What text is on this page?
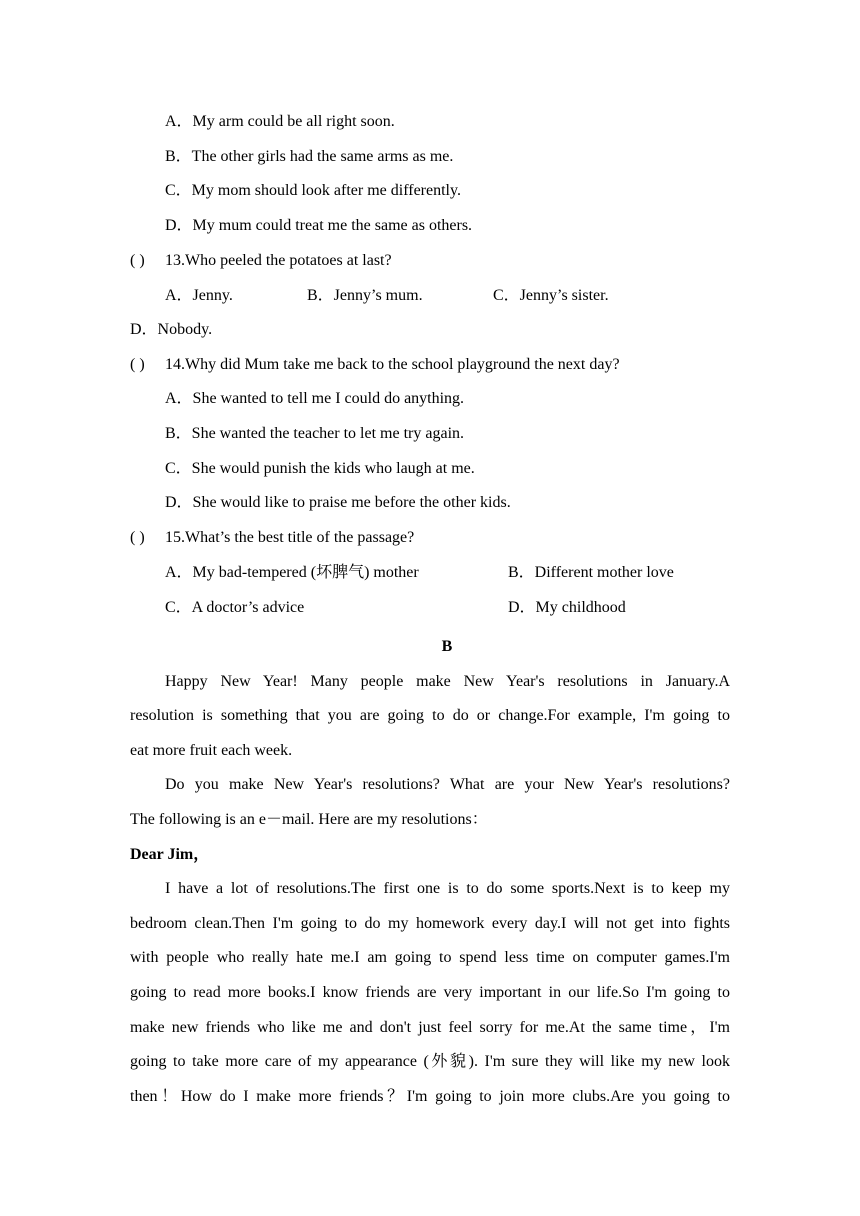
A．My arm could be all right soon.
B．The other girls had the same arms as me.
C．My mom should look after me differently.
D．My mum could treat me the same as others.
( ) 13.Who peeled the potatoes at last?
A．Jenny.	B．Jenny’s mum.	C．Jenny’s sister.
D．Nobody.
( ) 14.Why did Mum take me back to the school playground the next day?
A．She wanted to tell me I could do anything.
B．She wanted the teacher to let me try again.
C．She would punish the kids who laugh at me.
D．She would like to praise me before the other kids.
( ) 15.What’s the best title of the passage?
A．My bad-tempered (坏脾气) mother	B．Different mother love
C．A doctor’s advice	D．My childhood
B
Happy New Year! Many people make New Year's resolutions in January.A
resolution is something that you are going to do or change.For example, I'm going to
eat more fruit each week.
Do you make New Year's resolutions? What are your New Year's resolutions?
The following is an e－mail. Here are my resolutions：
Dear Jim，
I have a lot of resolutions.The first one is to do some sports.Next is to keep my
bedroom clean.Then I'm going to do my homework every day.I will not get into fights
with people who really hate me.I am going to spend less time on computer games.I'm
going to read more books.I know friends are very important in our life.So I'm going to
make new friends who like me and don't just feel sorry for me.At the same time，I'm
going to take more care of my appearance (外貌). I'm sure they will like my new look
then！How do I make more friends？I'm going to join more clubs.Are you going to
